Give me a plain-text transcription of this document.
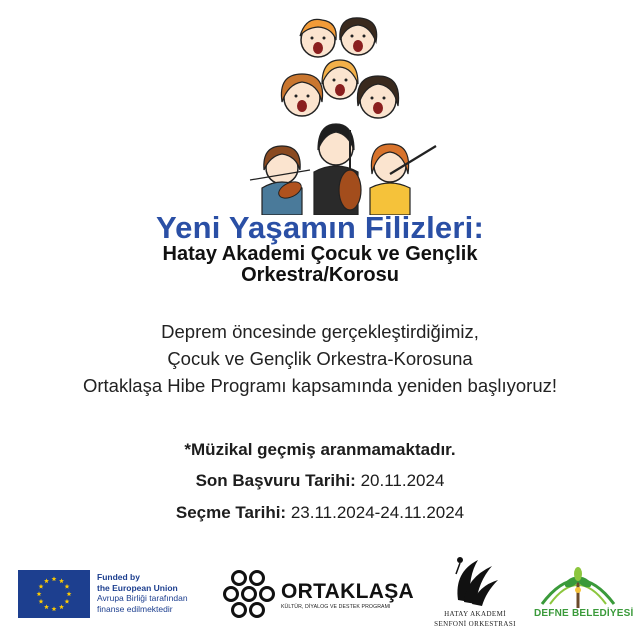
Yeni Yaşamın Filizleri:
Hatay Akademi Çocuk ve Gençlik
Orkestra/Korosu
Deprem öncesinde gerçekleştirdiğimiz,
Çocuk ve Gençlik Orkestra-Korosuna
Ortaklaşa Hibe Programı kapsamında yeniden başlıyoruz!
*Müzikal geçmiş aranmamaktadır.
Son Başvuru Tarihi: 20.11.2024
Seçme Tarihi: 23.11.2024-24.11.2024
Funded by
the European Union
Avrupa Birliği tarafından
finanse edilmektedir
ORTAKLAŞA
KÜLTÜR, DİYALOG VE DESTEK PROGRAMI
HATAY AKADEMİ
SENFONİ ORKESTRASI
DEFNE BELEDİYESİ
